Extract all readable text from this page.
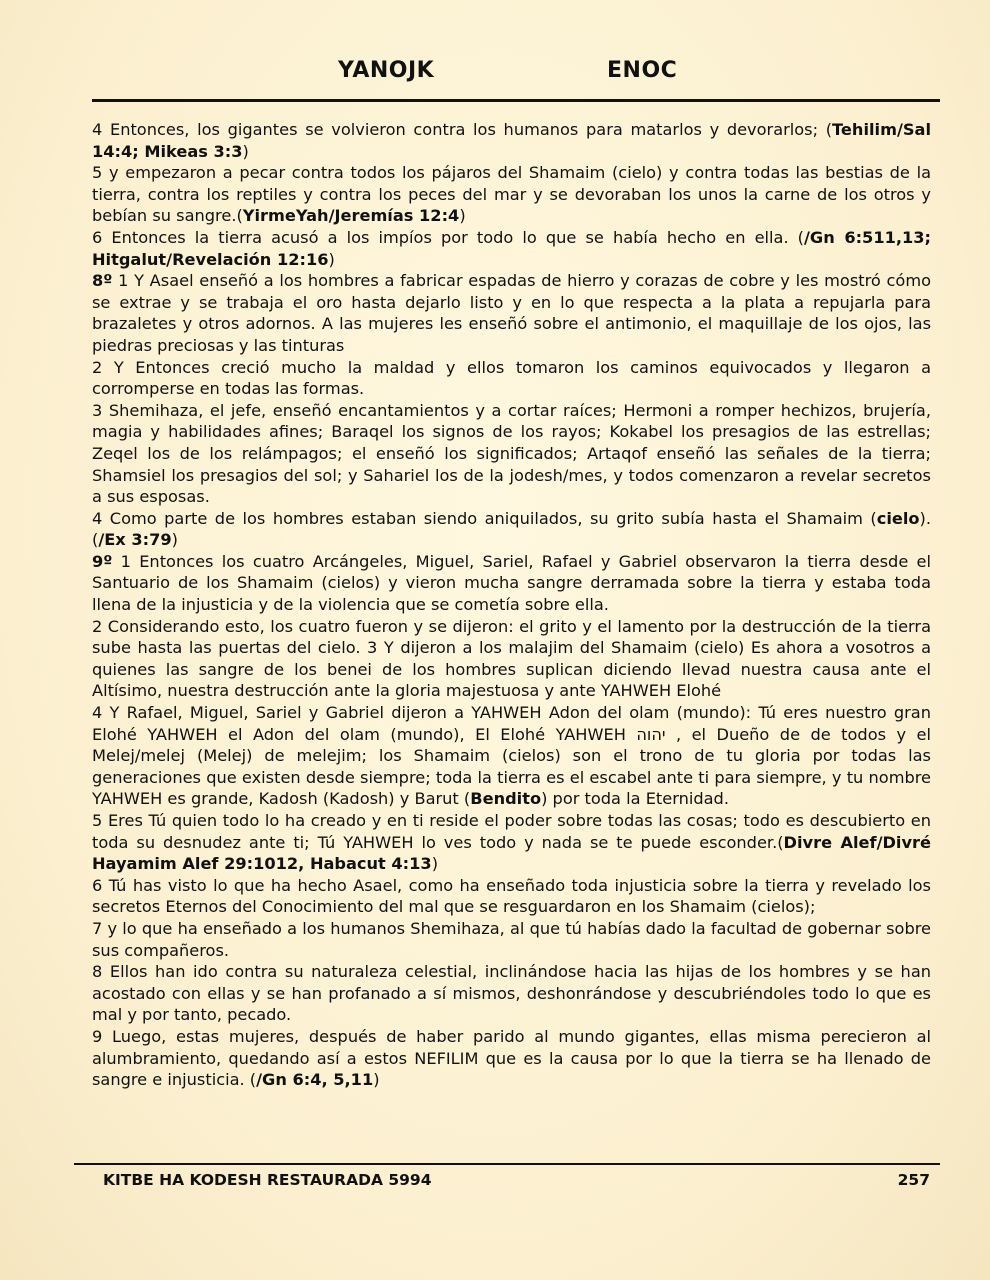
YANOJK	ENOC

4 Entonces, los gigantes se volvieron contra los humanos para matarlos y devorarlos; (Tehilim/Sal 14:4; Mikeas 3:3)

5 y empezaron a pecar contra todos los pájaros del Shamaim (cielo) y contra todas las bestias de la tierra, contra los reptiles y contra los peces del mar y se devoraban los unos la carne de los otros y bebían su sangre.(YirmeYah/Jeremías 12:4)

6 Entonces la tierra acusó a los impíos por todo lo que se había hecho en ella. (/Gn 6:511,13; Hitgalut/Revelación 12:16)

8º 1 Y Asael enseñó a los hombres a fabricar espadas de hierro y corazas de cobre y les mostró cómo se extrae y se trabaja el oro hasta dejarlo listo y en lo que respecta a la plata a repujarla para brazaletes y otros adornos. A las mujeres les enseñó sobre el antimonio, el maquillaje de los ojos, las piedras preciosas y las tinturas

2 Y Entonces creció mucho la maldad y ellos tomaron los caminos equivocados y llegaron a corromperse en todas las formas.

3 Shemihaza, el jefe, enseñó encantamientos y a cortar raíces; Hermoni a romper hechizos, brujería, magia y habilidades afines; Baraqel los signos de los rayos; Kokabel los presagios de las estrellas; Zeqel los de los relámpagos; el enseñó los significados; Artaqof enseñó las señales de la tierra; Shamsiel los presagios del sol; y Sahariel los de la jodesh/mes, y todos comenzaron a revelar secretos a sus esposas.

4 Como parte de los hombres estaban siendo aniquilados, su grito subía hasta el Shamaim (cielo). (/Ex 3:79)

9º 1 Entonces los cuatro Arcángeles, Miguel, Sariel, Rafael y Gabriel observaron la tierra desde el Santuario de los Shamaim (cielos) y vieron mucha sangre derramada sobre la tierra y estaba toda llena de la injusticia y de la violencia que se cometía sobre ella.

2 Considerando esto, los cuatro fueron y se dijeron: el grito y el lamento por la destrucción de la tierra sube hasta las puertas del cielo. 3 Y dijeron a los malajim del Shamaim (cielo) Es ahora a vosotros a quienes las sangre de los benei de los hombres suplican diciendo llevad nuestra causa ante el Altísimo, nuestra destrucción ante la gloria majestuosa y ante YAHWEH Elohé

4 Y Rafael, Miguel, Sariel y Gabriel dijeron a YAHWEH Adon del olam (mundo): Tú eres nuestro gran Elohé YAHWEH el Adon del olam (mundo), El Elohé YAHWEH יהוה , el Dueño de de todos y el Melej/melej (Melej) de melejim; los Shamaim (cielos) son el trono de tu gloria por todas las generaciones que existen desde siempre; toda la tierra es el escabel ante ti para siempre, y tu nombre YAHWEH es grande, Kadosh (Kadosh) y Barut (Bendito) por toda la Eternidad.

5 Eres Tú quien todo lo ha creado y en ti reside el poder sobre todas las cosas; todo es descubierto en toda su desnudez ante ti; Tú YAHWEH lo ves todo y nada se te puede esconder.(Divre Alef/Divré Hayamim Alef 29:1012, Habacut 4:13)

6 Tú has visto lo que ha hecho Asael, como ha enseñado toda injusticia sobre la tierra y revelado los secretos Eternos del Conocimiento del mal que se resguardaron en los Shamaim (cielos);

7 y lo que ha enseñado a los humanos Shemihaza, al que tú habías dado la facultad de gobernar sobre sus compañeros.

8 Ellos han ido contra su naturaleza celestial, inclinándose hacia las hijas de los hombres y se han acostado con ellas y se han profanado a sí mismos, deshonrándose y descubriéndoles todo lo que es mal y por tanto, pecado.

9 Luego, estas mujeres, después de haber parido al mundo gigantes, ellas misma perecieron al alumbramiento, quedando así a estos NEFILIM que es la causa por lo que la tierra se ha llenado de sangre e injusticia. (/Gn 6:4, 5,11)

KITBE HA KODESH RESTAURADA 5994	257
